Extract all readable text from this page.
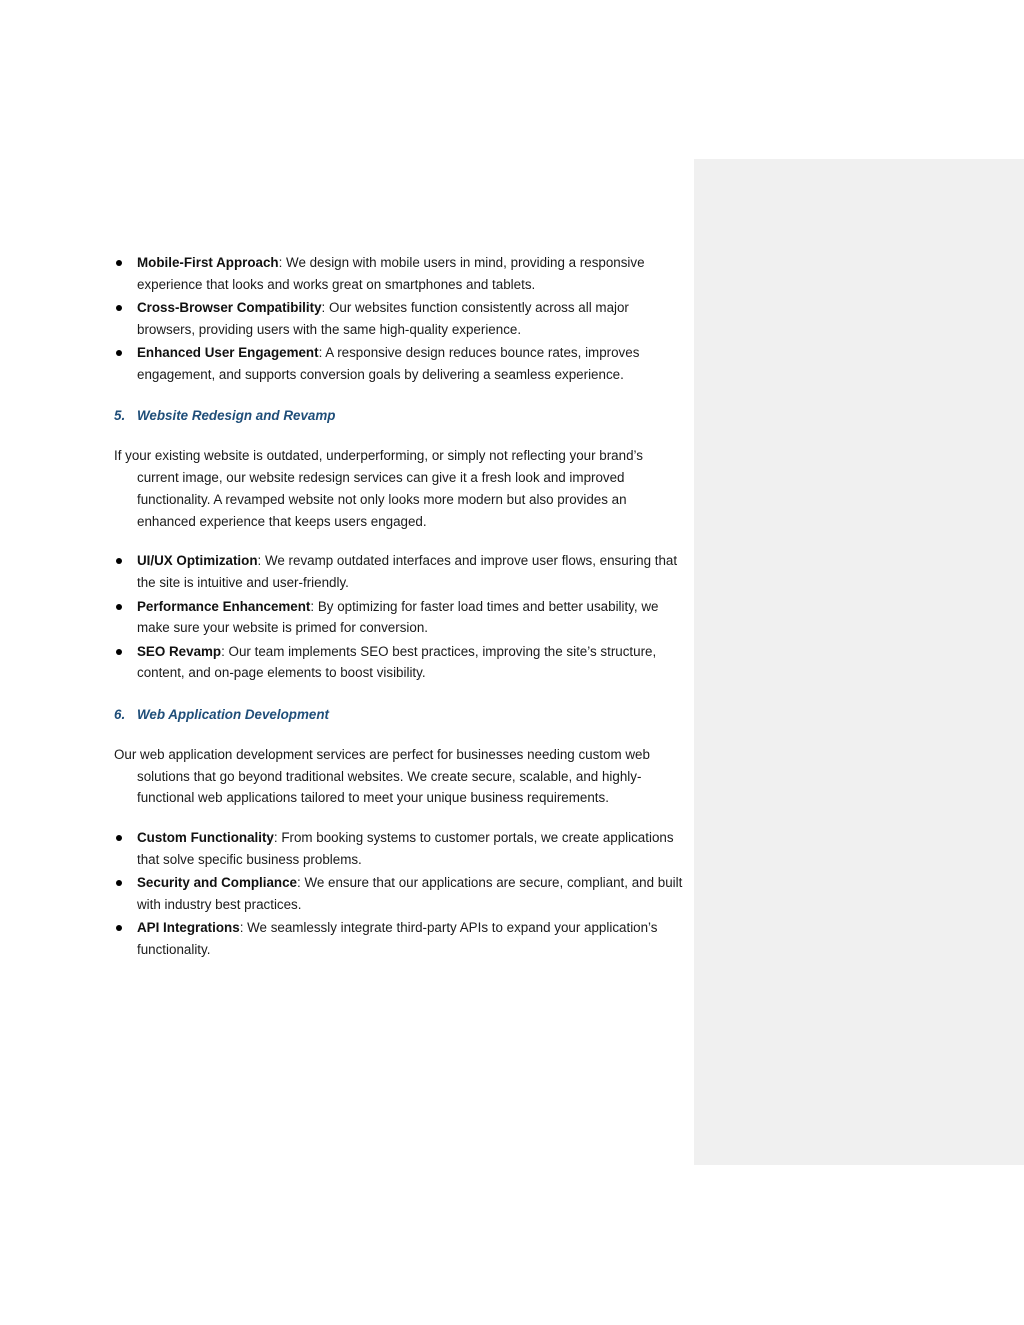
Mobile-First Approach: We design with mobile users in mind, providing a responsive experience that looks and works great on smartphones and tablets.
Cross-Browser Compatibility: Our websites function consistently across all major browsers, providing users with the same high-quality experience.
Enhanced User Engagement: A responsive design reduces bounce rates, improves engagement, and supports conversion goals by delivering a seamless experience.
5. Website Redesign and Revamp

If your existing website is outdated, underperforming, or simply not reflecting your brand’s current image, our website redesign services can give it a fresh look and improved functionality. A revamped website not only looks more modern but also provides an enhanced experience that keeps users engaged.

UI/UX Optimization: We revamp outdated interfaces and improve user flows, ensuring that the site is intuitive and user-friendly.
Performance Enhancement: By optimizing for faster load times and better usability, we make sure your website is primed for conversion.
SEO Revamp: Our team implements SEO best practices, improving the site’s structure, content, and on-page elements to boost visibility.
6. Web Application Development

Our web application development services are perfect for businesses needing custom web solutions that go beyond traditional websites. We create secure, scalable, and highly-functional web applications tailored to meet your unique business requirements.

Custom Functionality: From booking systems to customer portals, we create applications that solve specific business problems.
Security and Compliance: We ensure that our applications are secure, compliant, and built with industry best practices.
API Integrations: We seamlessly integrate third-party APIs to expand your application’s functionality.
